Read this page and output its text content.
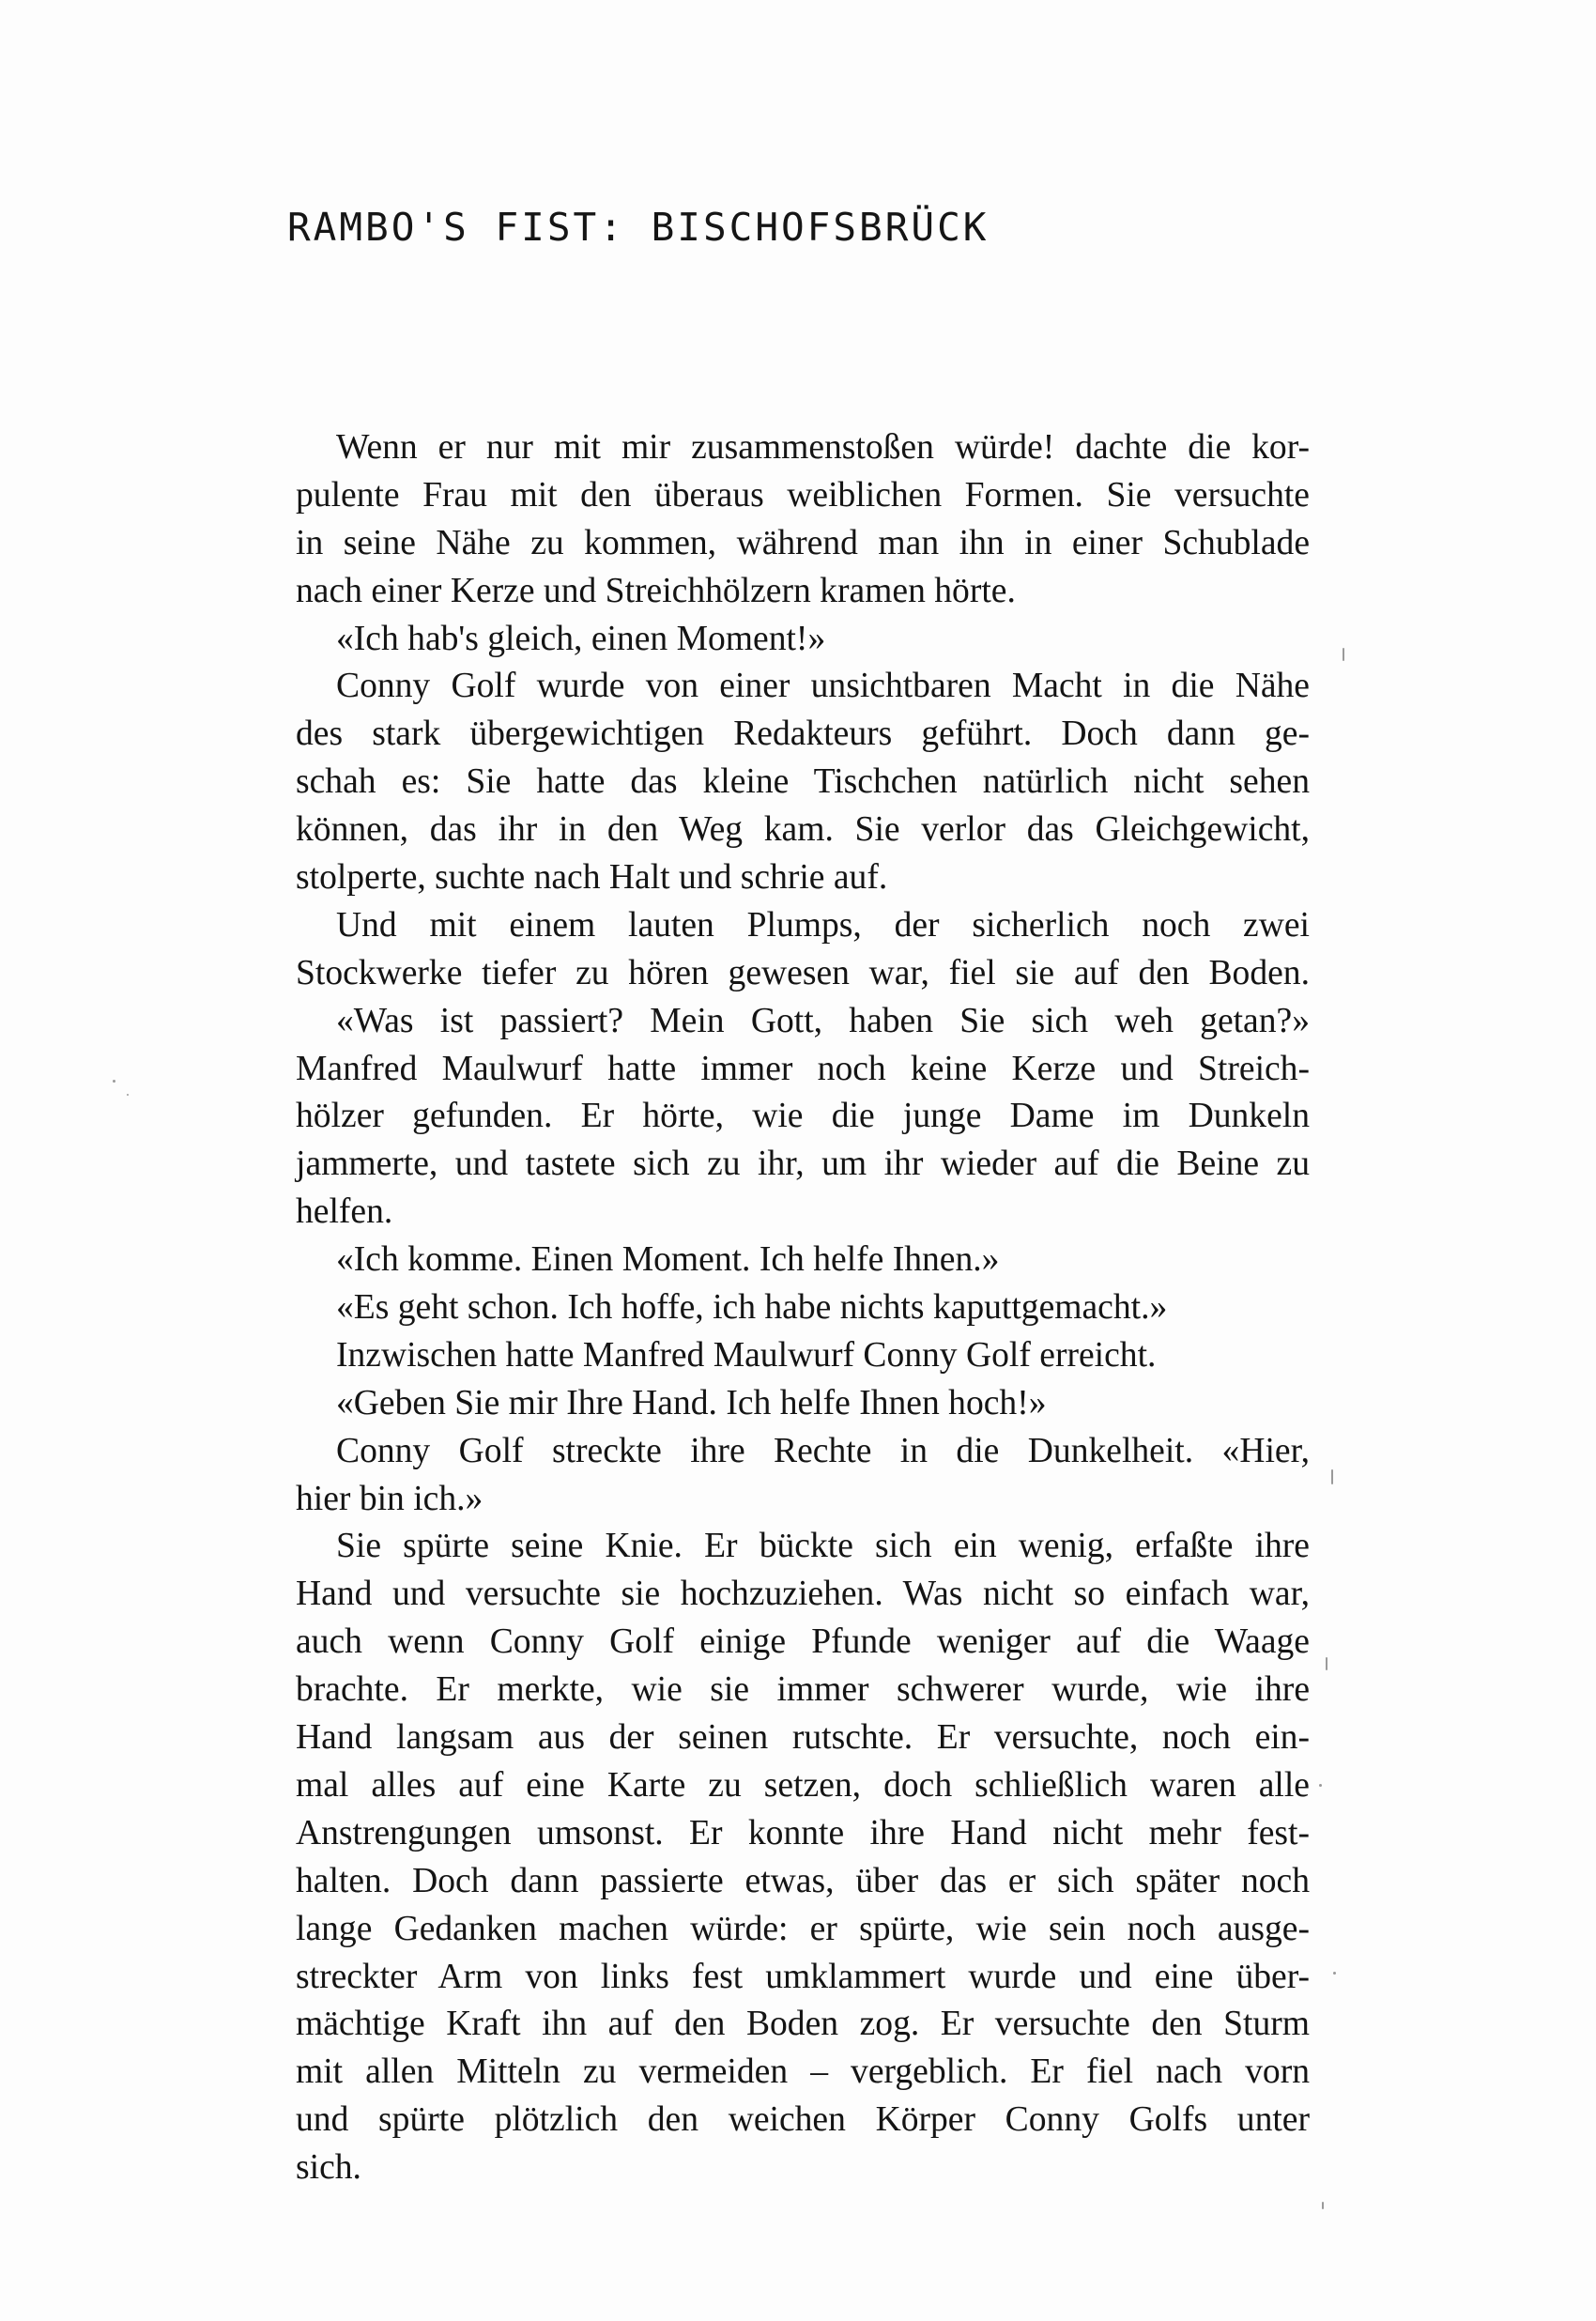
RAMBO'S FIST: BISCHOFSBRÜCK
Wenn er nur mit mir zusammenstoßen würde! dachte die kor-
pulente Frau mit den überaus weiblichen Formen. Sie versuchte
in seine Nähe zu kommen, während man ihn in einer Schublade
nach einer Kerze und Streichhölzern kramen hörte.
«Ich hab's gleich, einen Moment!»
Conny Golf wurde von einer unsichtbaren Macht in die Nähe
des stark übergewichtigen Redakteurs geführt. Doch dann ge-
schah es: Sie hatte das kleine Tischchen natürlich nicht sehen
können, das ihr in den Weg kam. Sie verlor das Gleichgewicht,
stolperte, suchte nach Halt und schrie auf.
Und mit einem lauten Plumps, der sicherlich noch zwei
Stockwerke tiefer zu hören gewesen war, fiel sie auf den Boden.
«Was ist passiert? Mein Gott, haben Sie sich weh getan?»
Manfred Maulwurf hatte immer noch keine Kerze und Streich-
hölzer gefunden. Er hörte, wie die junge Dame im Dunkeln
jammerte, und tastete sich zu ihr, um ihr wieder auf die Beine zu
helfen.
«Ich komme. Einen Moment. Ich helfe Ihnen.»
«Es geht schon. Ich hoffe, ich habe nichts kaputtgemacht.»
Inzwischen hatte Manfred Maulwurf Conny Golf erreicht.
«Geben Sie mir Ihre Hand. Ich helfe Ihnen hoch!»
Conny Golf streckte ihre Rechte in die Dunkelheit. «Hier,
hier bin ich.»
Sie spürte seine Knie. Er bückte sich ein wenig, erfaßte ihre
Hand und versuchte sie hochzuziehen. Was nicht so einfach war,
auch wenn Conny Golf einige Pfunde weniger auf die Waage
brachte. Er merkte, wie sie immer schwerer wurde, wie ihre
Hand langsam aus der seinen rutschte. Er versuchte, noch ein-
mal alles auf eine Karte zu setzen, doch schließlich waren alle
Anstrengungen umsonst. Er konnte ihre Hand nicht mehr fest-
halten. Doch dann passierte etwas, über das er sich später noch
lange Gedanken machen würde: er spürte, wie sein noch ausge-
streckter Arm von links fest umklammert wurde und eine über-
mächtige Kraft ihn auf den Boden zog. Er versuchte den Sturm
mit allen Mitteln zu vermeiden – vergeblich. Er fiel nach vorn
und spürte plötzlich den weichen Körper Conny Golfs unter
sich.
